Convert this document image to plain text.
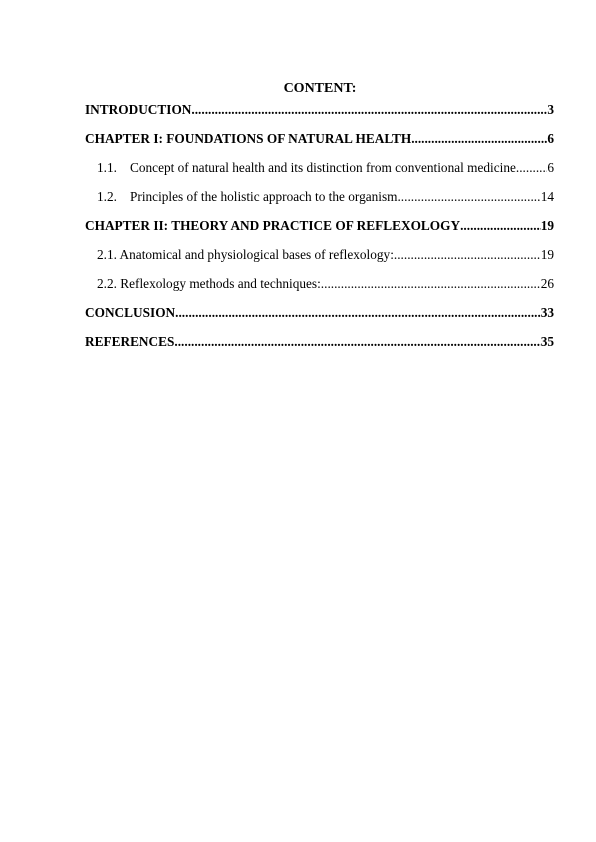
CONTENT:
INTRODUCTION .....	3
CHAPTER I: FOUNDATIONS OF NATURAL HEALTH .....	6
1.1. Concept of natural health and its distinction from conventional medicine ..... 6
1.2. Principles of the holistic approach to the organism .....	14
CHAPTER II: THEORY AND PRACTICE OF REFLEXOLOGY .....	19
2.1. Anatomical and physiological bases of reflexology: .....	19
2.2. Reflexology methods and techniques: .....	26
CONCLUSION .....	33
REFERENCES .....	35
